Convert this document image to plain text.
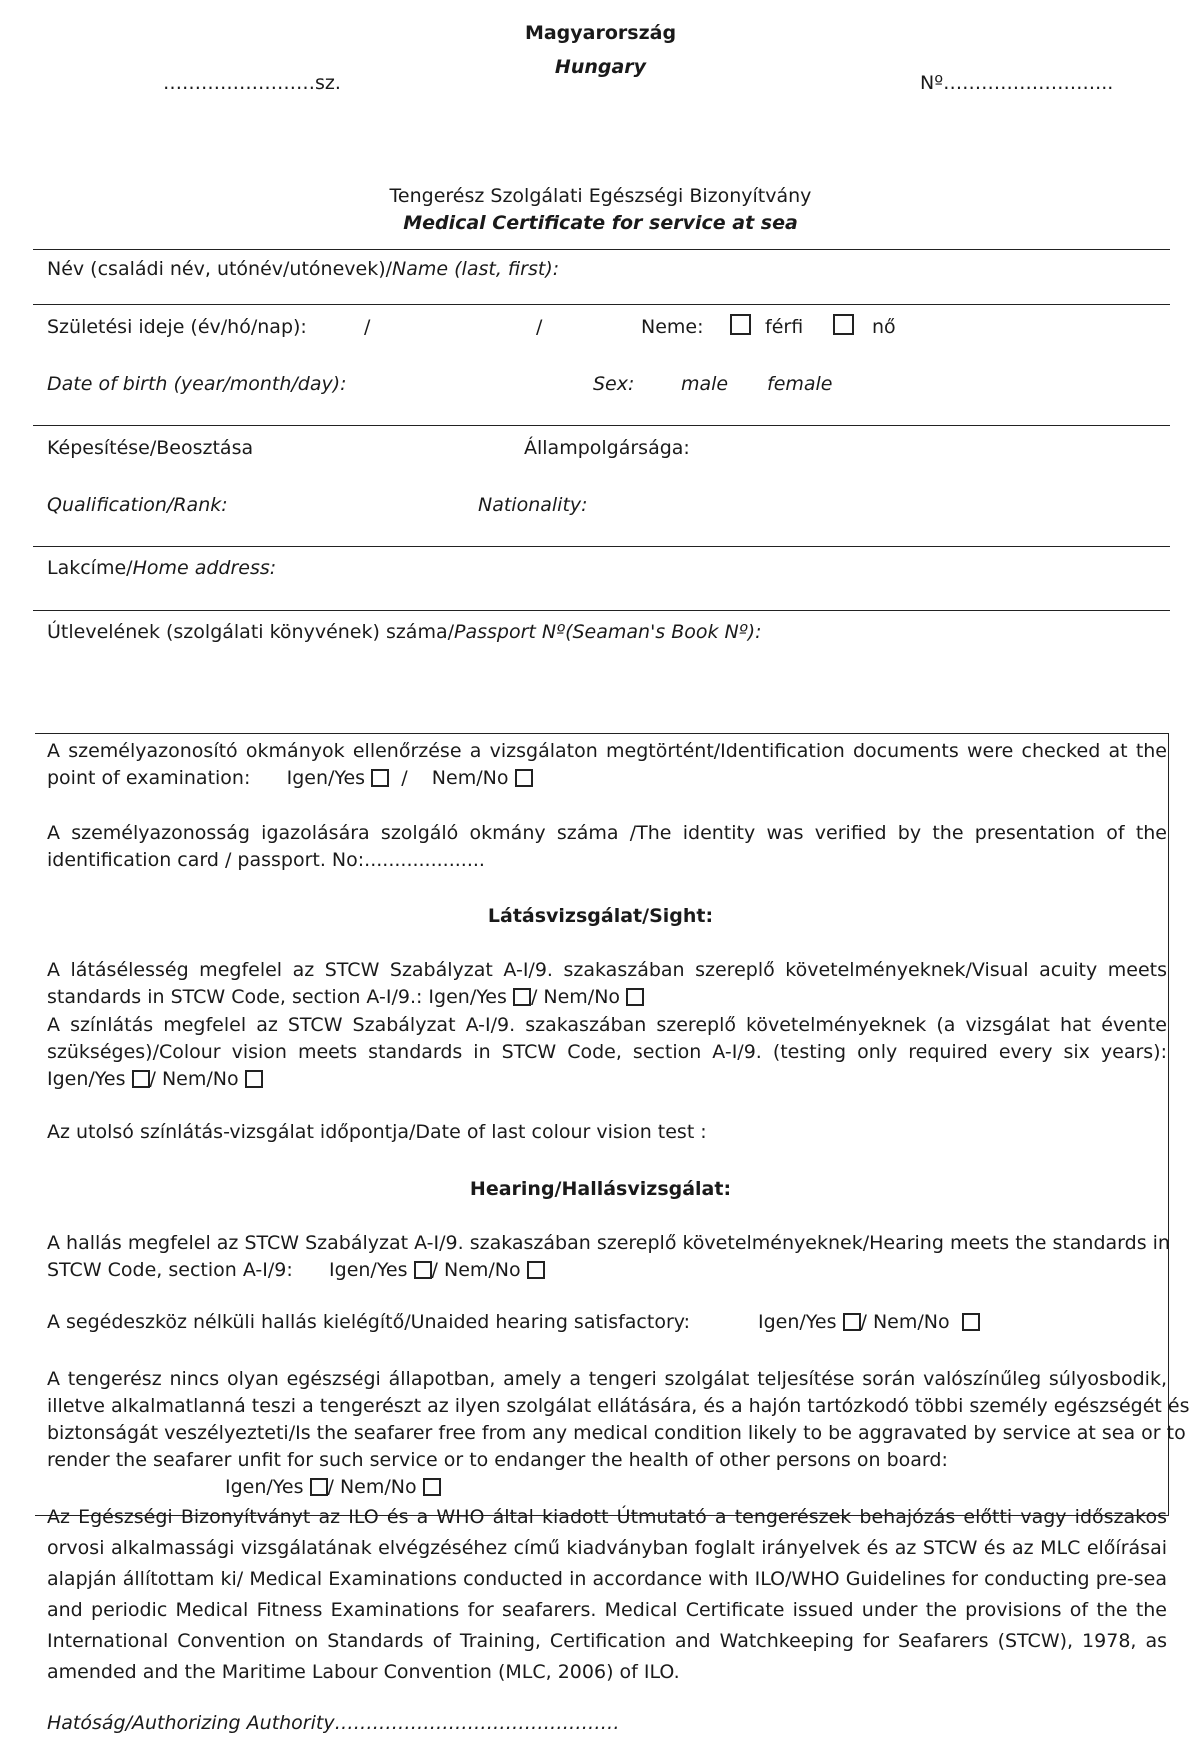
Magyarország
Hungary
……………………sz.	Nº……………………...
Tengerész Szolgálati Egészségi Bizonyítvány
Medical Certificate for service at sea
Név (családi név, utónév/utónevek)/Name (last, first):
Születési ideje (év/hó/nap):	/	/	Neme:	férfi	nő
Date of birth (year/month/day):	Sex: male female
Képesítése/Beosztása	Állampolgársága:
Qualification/Rank:	Nationality:
Lakcíme/Home address:
Útlevelének (szolgálati könyvének) száma/Passport Nº(Seaman's Book Nº):
A személyazonosító okmányok ellenőrzése a vizsgálaton megtörtént/Identification documents were checked at the
point of examination: Igen/Yes / Nem/No
A személyazonosság igazolására szolgáló okmány száma /The identity was verified by the presentation of the
identification card / passport. No:....................
Látásvizsgálat/Sight:
A látásélesség megfelel az STCW Szabályzat A-I/9. szakaszában szereplő követelményeknek/Visual acuity meets
standards in STCW Code, section A-I/9.: Igen/Yes / Nem/No
A színlátás megfelel az STCW Szabályzat A-I/9. szakaszában szereplő követelményeknek (a vizsgálat hat évente
szükséges)/Colour vision meets standards in STCW Code, section A-I/9. (testing only required every six years):
Igen/Yes / Nem/No
Az utolsó színlátás-vizsgálat időpontja/Date of last colour vision test :
Hearing/Hallásvizsgálat:
A hallás megfelel az STCW Szabályzat A-I/9. szakaszában szereplő követelményeknek/Hearing meets the standards in
STCW Code, section A-I/9: Igen/Yes / Nem/No
A segédeszköz nélküli hallás kielégítő/Unaided hearing satisfactory:	Igen/Yes / Nem/No
A tengerész nincs olyan egészségi állapotban, amely a tengeri szolgálat teljesítése során valószínűleg súlyosbodik,
illetve alkalmatlanná teszi a tengerészt az ilyen szolgálat ellátására, és a hajón tartózkodó többi személy egészségét és
biztonságát veszélyezteti/Is the seafarer free from any medical condition likely to be aggravated by service at sea or to
render the seafarer unfit for such service or to endanger the health of other persons on board:
Igen/Yes / Nem/No
Az Egészségi Bizonyítványt az ILO és a WHO által kiadott Útmutató a tengerészek behajózás előtti vagy időszakos
orvosi alkalmassági vizsgálatának elvégzéséhez című kiadványban foglalt irányelvek és az STCW és az MLC előírásai
alapján állítottam ki/ Medical Examinations conducted in accordance with ILO/WHO Guidelines for conducting pre-sea
and periodic Medical Fitness Examinations for seafarers. Medical Certificate issued under the provisions of the the
International Convention on Standards of Training, Certification and Watchkeeping for Seafarers (STCW), 1978, as
amended and the Maritime Labour Convention (MLC, 2006) of ILO.
Hatóság/Authorizing Authority………………………………………
